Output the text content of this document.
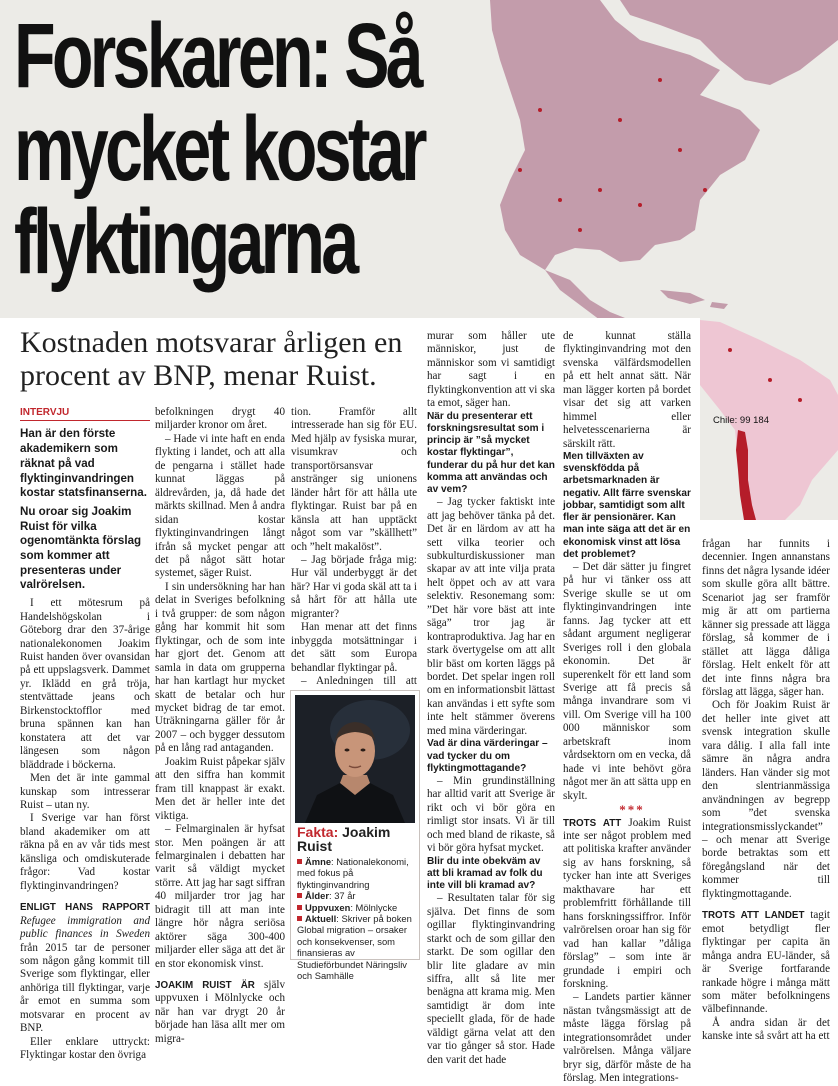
Forskaren: Så
mycket kostar
flyktingarna

Kostnaden motsvarar årligen en procent av BNP, menar Ruist.

Chile: 99 184
INTERVJU

Han är den förste akademikern som räknat på vad flyktinginvandringen kostar statsfinanserna.

Nu oroar sig Joakim Ruist för vilka ogenomtänkta förslag som kommer att presenteras under valrörelsen.

I ett mötesrum på Handelshögskolan i Göteborg drar den 37-årige nationalekonomen Joakim Ruist handen över ovansidan på ett uppslagsverk. Dammet yr. Iklädd en grå tröja, stentvättade jeans och Birkenstocktofflor med bruna spännen kan han konstatera att det var längesen som någon bläddrade i böckerna.

Men det är inte gammal kunskap som intresserar Ruist – utan ny.

I Sverige var han först bland akademiker om att räkna på en av vår tids mest känsliga och omdiskuterade frågor: Vad kostar flyktinginvandringen?

ENLIGT HANS RAPPORT Refugee immigration and public finances in Sweden från 2015 tar de personer som någon gång kommit till Sverige som flyktingar, eller anhöriga till flyktingar, varje år emot en summa som motsvarar en procent av BNP.

Eller enklare uttryckt: Flyktingar kostar den övriga

befolkningen drygt 40 miljarder kronor om året.

– Hade vi inte haft en enda flykting i landet, och att alla de pengarna i stället hade kunnat läggas på äldrevården, ja, då hade det märkts skillnad. Men å andra sidan kostar flyktinginvandringen långt ifrån så mycket pengar att det på något sätt hotar systemet, säger Ruist.

I sin undersökning har han delat in Sveriges befolkning i två grupper: de som någon gång har kommit hit som flyktingar, och de som inte har gjort det. Genom att samla in data om grupperna har han kartlagt hur mycket skatt de betalar och hur mycket bidrag de tar emot. Uträkningarna gäller för år 2007 – och bygger dessutom på en lång rad antaganden.

Joakim Ruist påpekar själv att den siffra han kommit fram till knappast är exakt. Men det är heller inte det viktiga.

– Felmarginalen är hyfsat stor. Men poängen är att felmarginalen i debatten har varit så väldigt mycket större. Att jag har sagt siffran 40 miljarder tror jag har bidragit till att man inte längre hör några seriösa aktörer säga 300-400 miljarder eller säga att det är en stor ekonomisk vinst.

JOAKIM RUIST ÄR själv uppvuxen i Mölnlycke och när han var drygt 20 år började han läsa allt mer om migra-

tion. Framför allt intresserade han sig för EU. Med hjälp av fysiska murar, visumkrav och transportörsansvar anstränger sig unionens länder hårt för att hålla ute flyktingar. Ruist bar på en känsla att han upptäckt något som var ”skällhett” och ”helt makalöst”.

– Jag började fråga mig: Hur väl underbyggt är det här? Har vi goda skäl att ta i så hårt för att hålla ute migranter?

Han menar att det finns inbyggda motsättningar i det sätt som Europa behandlar flyktingar på.

– Anledningen till att

Fakta: Joakim Ruist

Ämne: Nationalekonomi, med fokus på flyktinginvandring
Ålder: 37 år
Uppvuxen: Mölnlycke
Aktuell: Skriver på boken Global migration – orsaker och konsekvenser, som finansieras av Studieförbundet Näringsliv och Samhälle

murar som håller ute människor, just de människor som vi samtidigt har sagt i en flyktingkonvention att vi ska ta emot, säger han.

När du presenterar ett forskningsresultat som i princip är ”så mycket kostar flyktingar”, funderar du på hur det kan komma att användas och av vem?

– Jag tycker faktiskt inte att jag behöver tänka på det. Det är en lärdom av att ha sett vilka teorier och subkulturdiskussioner man skapar av att inte vilja prata helt öppet och av att vara selektiv. Resonemang som: ”Det här vore bäst att inte säga” tror jag är kontraproduktiva. Jag har en stark övertygelse om att allt blir bäst om korten läggs på bordet. Det spelar ingen roll om en informationsbit lättast kan användas i ett syfte som inte helt stämmer överens med mina värderingar.

Vad är dina värderingar – vad tycker du om flyktingmottagande?

– Min grundinställning har alltid varit att Sverige är rikt och vi bör göra en rimligt stor insats. Vi är till och med bland de rikaste, så vi bör göra hyfsat mycket.

Blir du inte obekväm av att bli kramad av folk du inte vill bli kramad av?

– Resultaten talar för sig själva. Det finns de som ogillar flyktinginvandring starkt och de som gillar den starkt. De som ogillar den blir lite gladare av min siffra, allt så lite mer benägna att krama mig. Men samtidigt är dom inte speciellt glada, för de hade väldigt gärna velat att den var tio gånger så stor. Hade den varit det hade

de kunnat ställa flyktinginvandring mot den svenska välfärdsmodellen på ett helt annat sätt. När man lägger korten på bordet visar det sig att varken himmel eller helvetesscenarierna är särskilt rätt.

Men tillväxten av svenskfödda på arbetsmarknaden är negativ. Allt färre svenskar jobbar, samtidigt som allt fler är pensionärer. Kan man inte säga att det är en ekonomisk vinst att lösa det problemet?

– Det där sätter ju fingret på hur vi tänker oss att Sverige skulle se ut om flyktinginvandringen inte fanns. Jag tycker att ett sådant argument negligerar Sveriges roll i den globala ekonomin. Det är superenkelt för ett land som Sverige att få precis så många invandrare som vi vill. Om Sverige vill ha 100 000 människor som arbetskraft inom vårdsektorn om en vecka, då hade vi inte behövt göra något mer än att sätta upp en skylt.

***

TROTS ATT Joakim Ruist inte ser något problem med att politiska krafter använder sig av hans forskning, så tycker han inte att Sveriges makthavare har ett problemfritt förhållande till hans forskningssiffror. Inför valrörelsen oroar han sig för vad han kallar ”dåliga förslag” – som inte är grundade i empiri och forskning.

– Landets partier känner nästan tvångsmässigt att de måste lägga förslag på integrationsområdet under valrörelsen. Många väljare bryr sig, därför måste de ha förslag. Men integrations-

frågan har funnits i decennier. Ingen annanstans finns det några lysande idéer som skulle göra allt bättre. Scenariot jag ser framför mig är att om partierna känner sig pressade att lägga förslag, så kommer de i stället att lägga dåliga förslag. Helt enkelt för att det inte finns några bra förslag att lägga, säger han.

Och för Joakim Ruist är det heller inte givet att svensk integration skulle vara dålig. I alla fall inte sämre än några andra länders. Han vänder sig mot den slentrianmässiga användningen av begrepp som ”det svenska integrationsmisslyckandet” – och menar att Sverige borde betraktas som ett föregångsland när det kommer till flyktingmottagande.

TROTS ATT LANDET tagit emot betydligt fler flyktingar per capita än många andra EU-länder, så är Sverige fortfarande rankade högre i många mätt som mäter befolkningens välbefinnande.

Å andra sidan är det kanske inte så svårt att ha ett
